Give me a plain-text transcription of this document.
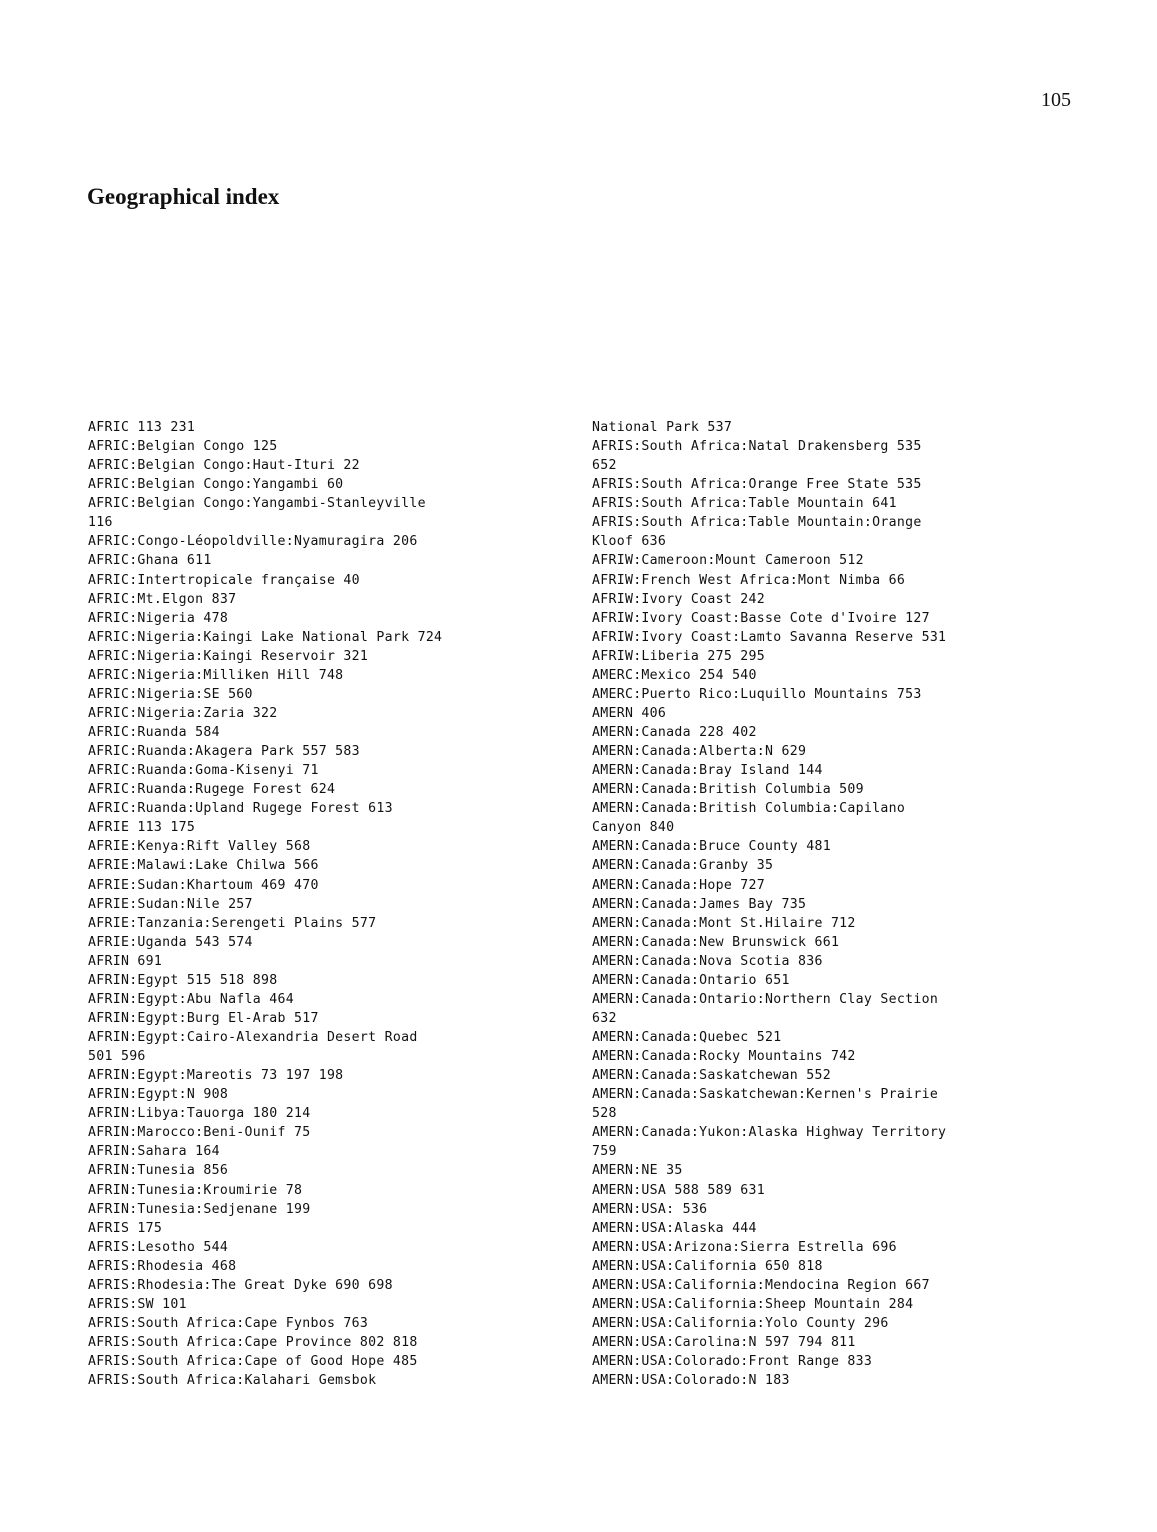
105
Geographical index
AFRIC 113 231
AFRIC:Belgian Congo 125
AFRIC:Belgian Congo:Haut-Ituri 22
AFRIC:Belgian Congo:Yangambi 60
AFRIC:Belgian Congo:Yangambi-Stanleyville
116
AFRIC:Congo-Léopoldville:Nyamuragira 206
AFRIC:Ghana 611
AFRIC:Intertropicale française 40
AFRIC:Mt.Elgon 837
AFRIC:Nigeria 478
AFRIC:Nigeria:Kaingi Lake National Park 724
AFRIC:Nigeria:Kaingi Reservoir 321
AFRIC:Nigeria:Milliken Hill 748
AFRIC:Nigeria:SE 560
AFRIC:Nigeria:Zaria 322
AFRIC:Ruanda 584
AFRIC:Ruanda:Akagera Park 557 583
AFRIC:Ruanda:Goma-Kisenyi 71
AFRIC:Ruanda:Rugege Forest 624
AFRIC:Ruanda:Upland Rugege Forest 613
AFRIE 113 175
AFRIE:Kenya:Rift Valley 568
AFRIE:Malawi:Lake Chilwa 566
AFRIE:Sudan:Khartoum 469 470
AFRIE:Sudan:Nile 257
AFRIE:Tanzania:Serengeti Plains 577
AFRIE:Uganda 543 574
AFRIN 691
AFRIN:Egypt 515 518 898
AFRIN:Egypt:Abu Nafla 464
AFRIN:Egypt:Burg El-Arab 517
AFRIN:Egypt:Cairo-Alexandria Desert Road
501 596
AFRIN:Egypt:Mareotis 73 197 198
AFRIN:Egypt:N 908
AFRIN:Libya:Tauorga 180 214
AFRIN:Marocco:Beni-Ounif 75
AFRIN:Sahara 164
AFRIN:Tunesia 856
AFRIN:Tunesia:Kroumirie 78
AFRIN:Tunesia:Sedjenane 199
AFRIS 175
AFRIS:Lesotho 544
AFRIS:Rhodesia 468
AFRIS:Rhodesia:The Great Dyke 690 698
AFRIS:SW 101
AFRIS:South Africa:Cape Fynbos 763
AFRIS:South Africa:Cape Province 802 818
AFRIS:South Africa:Cape of Good Hope 485
AFRIS:South Africa:Kalahari Gemsbok
National Park 537
AFRIS:South Africa:Natal Drakensberg 535
652
AFRIS:South Africa:Orange Free State 535
AFRIS:South Africa:Table Mountain 641
AFRIS:South Africa:Table Mountain:Orange
Kloof 636
AFRIW:Cameroon:Mount Cameroon 512
AFRIW:French West Africa:Mont Nimba 66
AFRIW:Ivory Coast 242
AFRIW:Ivory Coast:Basse Cote d'Ivoire 127
AFRIW:Ivory Coast:Lamto Savanna Reserve 531
AFRIW:Liberia 275 295
AMERC:Mexico 254 540
AMERC:Puerto Rico:Luquillo Mountains 753
AMERN 406
AMERN:Canada 228 402
AMERN:Canada:Alberta:N 629
AMERN:Canada:Bray Island 144
AMERN:Canada:British Columbia 509
AMERN:Canada:British Columbia:Capilano
Canyon 840
AMERN:Canada:Bruce County 481
AMERN:Canada:Granby 35
AMERN:Canada:Hope 727
AMERN:Canada:James Bay 735
AMERN:Canada:Mont St.Hilaire 712
AMERN:Canada:New Brunswick 661
AMERN:Canada:Nova Scotia 836
AMERN:Canada:Ontario 651
AMERN:Canada:Ontario:Northern Clay Section
632
AMERN:Canada:Quebec 521
AMERN:Canada:Rocky Mountains 742
AMERN:Canada:Saskatchewan 552
AMERN:Canada:Saskatchewan:Kernen's Prairie
528
AMERN:Canada:Yukon:Alaska Highway Territory
759
AMERN:NE 35
AMERN:USA 588 589 631
AMERN:USA: 536
AMERN:USA:Alaska 444
AMERN:USA:Arizona:Sierra Estrella 696
AMERN:USA:California 650 818
AMERN:USA:California:Mendocina Region 667
AMERN:USA:California:Sheep Mountain 284
AMERN:USA:California:Yolo County 296
AMERN:USA:Carolina:N 597 794 811
AMERN:USA:Colorado:Front Range 833
AMERN:USA:Colorado:N 183
